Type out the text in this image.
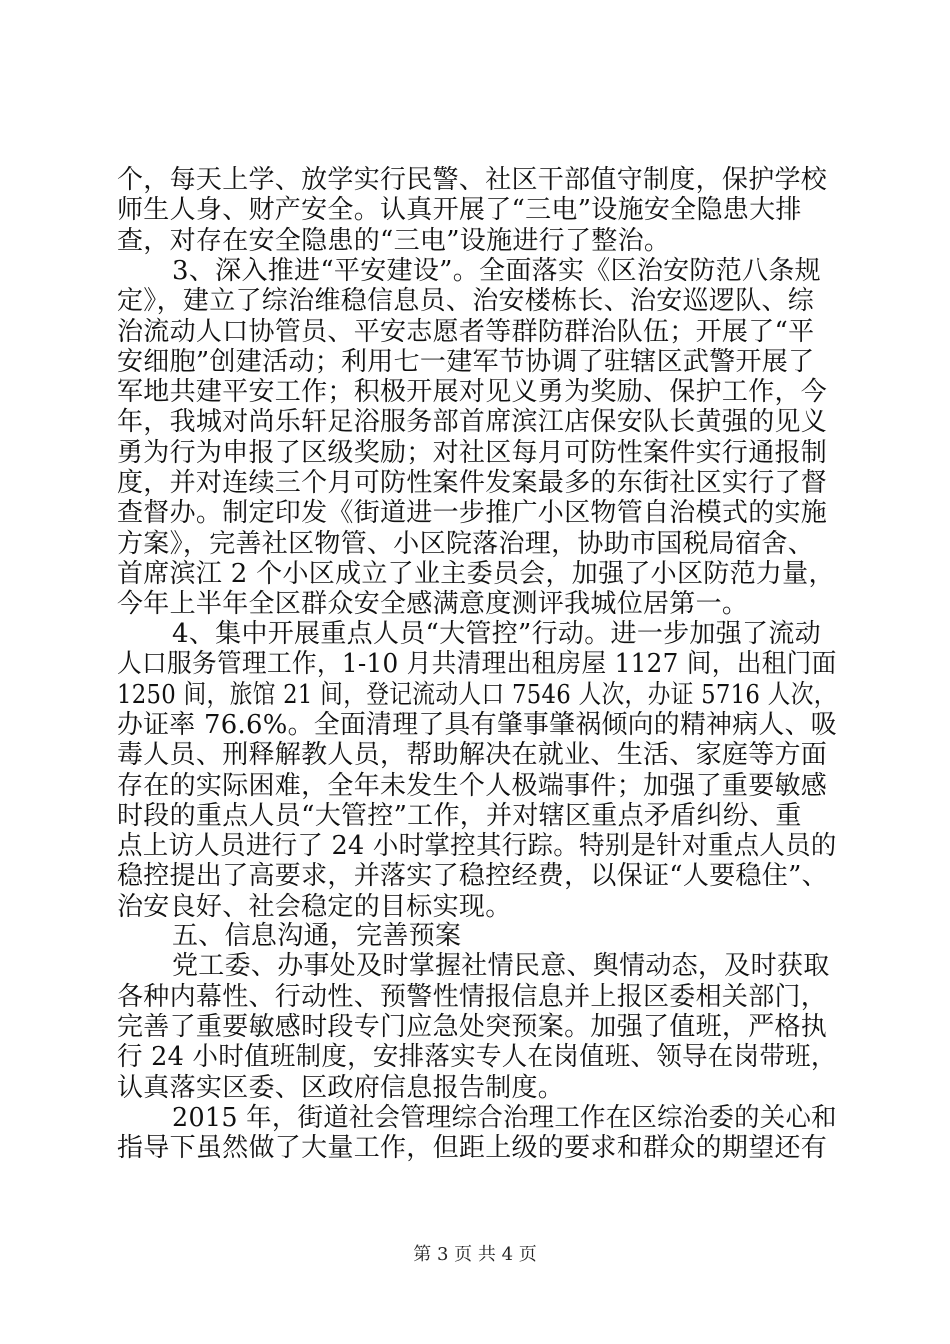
个，每天上学、放学实行民警、社区干部值守制度，保护学校
师生人身、财产安全。认真开展了“三电”设施安全隐患大排
查，对存在安全隐患的“三电”设施进行了整治。
3、深入推进“平安建设”。全面落实《区治安防范八条规
定》，建立了综治维稳信息员、治安楼栋长、治安巡逻队、综
治流动人口协管员、平安志愿者等群防群治队伍；开展了“平
安细胞”创建活动；利用七一建军节协调了驻辖区武警开展了
军地共建平安工作；积极开展对见义勇为奖励、保护工作，今
年，我城对尚乐轩足浴服务部首席滨江店保安队长黄强的见义
勇为行为申报了区级奖励；对社区每月可防性案件实行通报制
度，并对连续三个月可防性案件发案最多的东街社区实行了督
查督办。制定印发《街道进一步推广小区物管自治模式的实施
方案》，完善社区物管、小区院落治理，协助市国税局宿舍、
首席滨江 2 个小区成立了业主委员会，加强了小区防范力量，
今年上半年全区群众安全感满意度测评我城位居第一。
4、集中开展重点人员“大管控”行动。进一步加强了流动
人口服务管理工作，1-10 月共清理出租房屋 1127 间，出租门面
1250 间，旅馆 21 间，登记流动人口 7546 人次，办证 5716 人次，
办证率 76.6%。全面清理了具有肇事肇祸倾向的精神病人、吸
毒人员、刑释解教人员，帮助解决在就业、生活、家庭等方面
存在的实际困难，全年未发生个人极端事件；加强了重要敏感
时段的重点人员“大管控”工作，并对辖区重点矛盾纠纷、重
点上访人员进行了 24 小时掌控其行踪。特别是针对重点人员的
稳控提出了高要求，并落实了稳控经费，以保证“人要稳住”、
治安良好、社会稳定的目标实现。
五、信息沟通，完善预案
党工委、办事处及时掌握社情民意、舆情动态，及时获取
各种内幕性、行动性、预警性情报信息并上报区委相关部门，
完善了重要敏感时段专门应急处突预案。加强了值班，严格执
行 24 小时值班制度，安排落实专人在岗值班、领导在岗带班，
认真落实区委、区政府信息报告制度。
2015 年，街道社会管理综合治理工作在区综治委的关心和
指导下虽然做了大量工作，但距上级的要求和群众的期望还有
第 3 页 共 4 页
